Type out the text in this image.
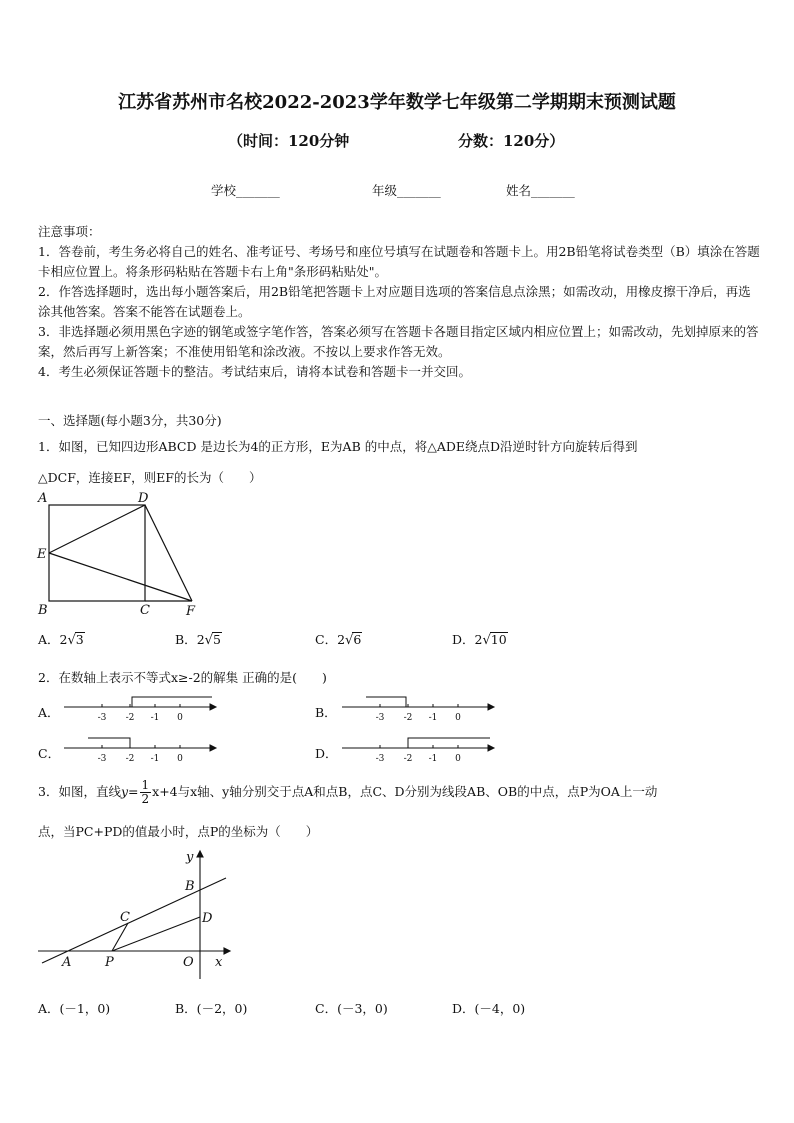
江苏省苏州市名校2022-2023学年数学七年级第二学期期末预测试题
（时间：120分钟	分数：120分）
学校_______	年级_______	姓名_______

注意事项：

1．答卷前，考生务必将自己的姓名、准考证号、考场号和座位号填写在试题卷和答题卡上。用2B铅笔将试卷类型（B）填涂在答题卡相应位置上。将条形码粘贴在答题卡右上角"条形码粘贴处"。

2．作答选择题时，选出每小题答案后，用2B铅笔把答题卡上对应题目选项的答案信息点涂黑；如需改动，用橡皮擦干净后，再选涂其他答案。答案不能答在试题卷上。

3．非选择题必须用黑色字迹的钢笔或签字笔作答，答案必须写在答题卡各题目指定区域内相应位置上；如需改动，先划掉原来的答案，然后再写上新答案；不准使用铅笔和涂改液。不按以上要求作答无效。

4．考生必须保证答题卡的整洁。考试结束后，请将本试卷和答题卡一并交回。

一、选择题(每小题3分，共30分)
1．如图，已知四边形ABCD 是边长为4的正方形，E为AB 的中点，将△ADE绕点D沿逆时针方向旋转后得到
△DCF，连接EF，则EF的长为（　　）
A	D
E
B	C	F
A．2√3	B．2√5	C．2√6	D．2√10
2．在数轴上表示不等式x≥-2的解集 正确的是(　　)
A．	B．
C．	D．
-3 -2 -1 0	-3 -2 -1 0
-3 -2 -1 0	-3 -2 -1 0
3．如图，直线$y= \frac{1}{2} x+4$与x轴、y轴分别交于点A和点B，点C、D分别为线段AB、OB的中点，点P为OA上一动
点，当PC+PD的值最小时，点P的坐标为（　　）
y
B
C	D
A	P	O x
A．(－1，0)	B．(－2，0)	C．(－3，0)	D．(－4，0)
